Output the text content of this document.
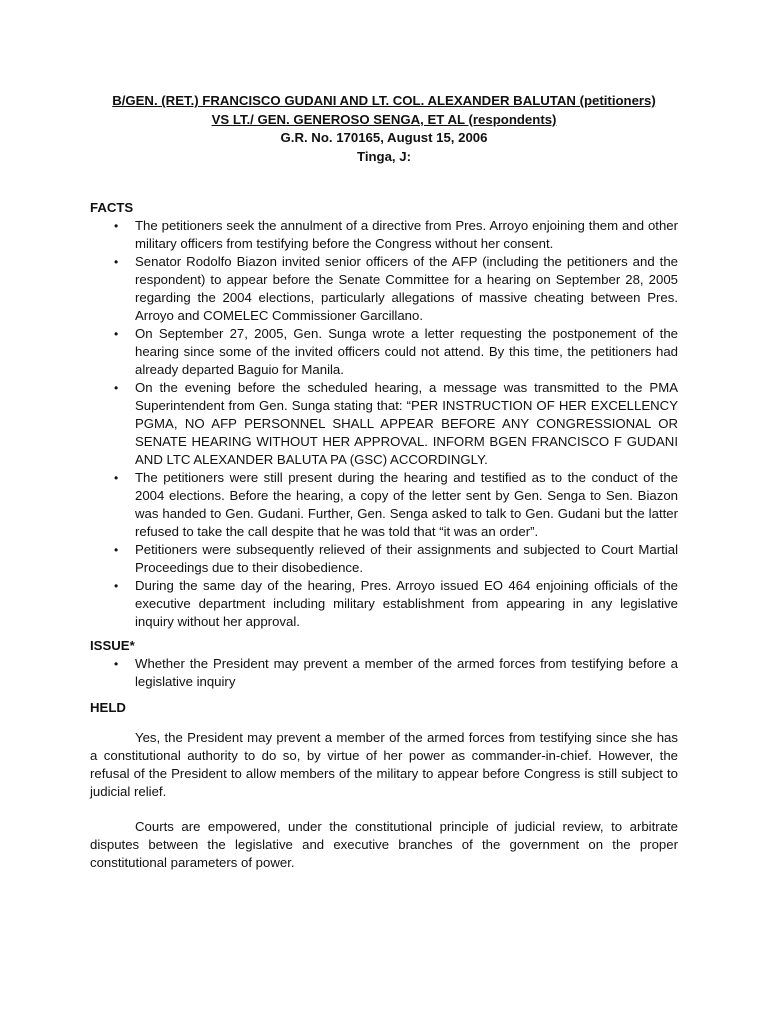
B/GEN. (RET.) FRANCISCO GUDANI AND LT. COL. ALEXANDER BALUTAN (petitioners)
VS LT./ GEN. GENEROSO SENGA, ET AL (respondents)
G.R. No. 170165, August 15, 2006
Tinga, J:
FACTS
• The petitioners seek the annulment of a directive from Pres. Arroyo enjoining them and other military officers from testifying before the Congress without her consent.
• Senator Rodolfo Biazon invited senior officers of the AFP (including the petitioners and the respondent) to appear before the Senate Committee for a hearing on September 28, 2005 regarding the 2004 elections, particularly allegations of massive cheating between Pres. Arroyo and COMELEC Commissioner Garcillano.
• On September 27, 2005, Gen. Sunga wrote a letter requesting the postponement of the hearing since some of the invited officers could not attend. By this time, the petitioners had already departed Baguio for Manila.
• On the evening before the scheduled hearing, a message was transmitted to the PMA Superintendent from Gen. Sunga stating that: “PER INSTRUCTION OF HER EXCELLENCY PGMA, NO AFP PERSONNEL SHALL APPEAR BEFORE ANY CONGRESSIONAL OR SENATE HEARING WITHOUT HER APPROVAL. INFORM BGEN FRANCISCO F GUDANI AND LTC ALEXANDER BALUTA PA (GSC) ACCORDINGLY.
• The petitioners were still present during the hearing and testified as to the conduct of the 2004 elections. Before the hearing, a copy of the letter sent by Gen. Senga to Sen. Biazon was handed to Gen. Gudani. Further, Gen. Senga asked to talk to Gen. Gudani but the latter refused to take the call despite that he was told that “it was an order”.
• Petitioners were subsequently relieved of their assignments and subjected to Court Martial Proceedings due to their disobedience.
• During the same day of the hearing, Pres. Arroyo issued EO 464 enjoining officials of the executive department including military establishment from appearing in any legislative inquiry without her approval.
ISSUE*
• Whether the President may prevent a member of the armed forces from testifying before a legislative inquiry
HELD

Yes, the President may prevent a member of the armed forces from testifying since she has a constitutional authority to do so, by virtue of her power as commander-in-chief. However, the refusal of the President to allow members of the military to appear before Congress is still subject to judicial relief.

Courts are empowered, under the constitutional principle of judicial review, to arbitrate disputes between the legislative and executive branches of the government on the proper constitutional parameters of power.
